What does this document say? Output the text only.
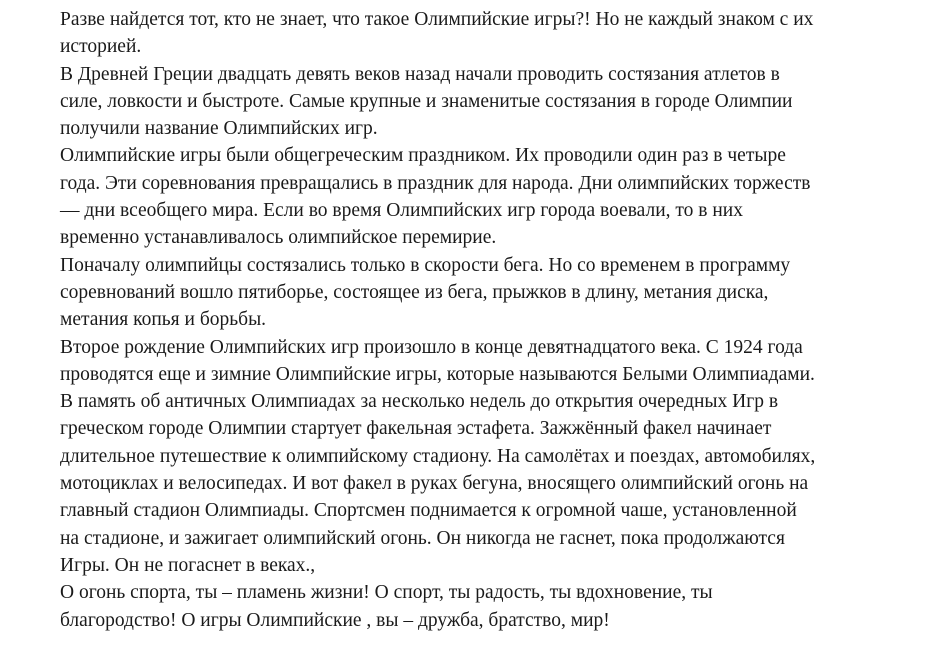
Разве найдется тот, кто не знает, что такое Олимпийские игры?! Но не каждый знаком с их
историей.

В Древней Греции двадцать девять веков назад начали проводить состязания атлетов в
силе, ловкости и быстроте. Самые крупные и знаменитые состязания в городе Олимпии
получили название Олимпийских игр.

Олимпийские игры были общегреческим праздником. Их проводили один раз в четыре
года. Эти соревнования превращались в праздник для народа. Дни олимпийских торжеств
— дни всеобщего мира. Если во время Олимпийских игр города воевали, то в них
временно устанавливалось олимпийское перемирие.

Поначалу олимпийцы состязались только в скорости бега. Но со временем в программу
соревнований вошло пятиборье, состоящее из бега, прыжков в длину, метания диска,
метания копья и борьбы.

Второе рождение Олимпийских игр произошло в конце девятнадцатого века. С 1924 года
проводятся еще и зимние Олимпийские игры, которые называются Белыми Олимпиадами.

В память об античных Олимпиадах за несколько недель до открытия очередных Игр в
греческом городе Олимпии стартует факельная эстафета. Зажжённый факел начинает
длительное путешествие к олимпийскому стадиону. На самолётах и поездах, автомобилях,
мотоциклах и велосипедах. И вот факел в руках бегуна, вносящего олимпийский огонь на
главный стадион Олимпиады. Спортсмен поднимается к огромной чаше, установленной
на стадионе, и зажигает олимпийский огонь. Он никогда не гаснет, пока продолжаются
Игры. Он не погаснет в веках.,

О огонь спорта, ты – пламень жизни! О спорт, ты радость, ты вдохновение, ты
благородство! О игры Олимпийские , вы – дружба, братство, мир!
